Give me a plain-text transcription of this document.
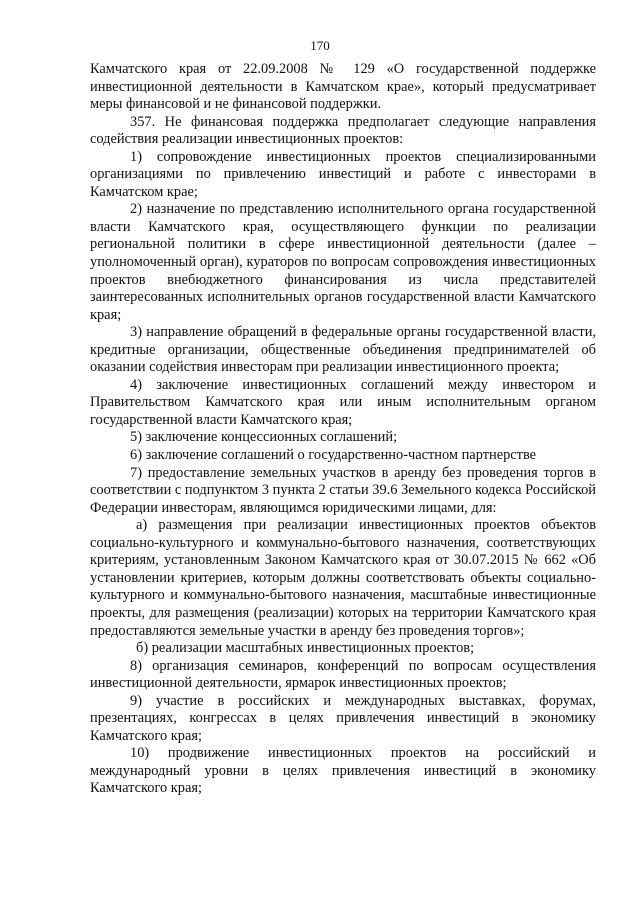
170

Камчатского края от 22.09.2008 № 129 «О государственной поддержке инвестиционной деятельности в Камчатском крае», который предусматривает меры финансовой и не финансовой поддержки.

357. Не финансовая поддержка предполагает следующие направления содействия реализации инвестиционных проектов:

1) сопровождение инвестиционных проектов специализированными организациями по привлечению инвестиций и работе с инвесторами в Камчатском крае;

2) назначение по представлению исполнительного органа государственной власти Камчатского края, осуществляющего функции по реализации региональной политики в сфере инвестиционной деятельности (далее – уполномоченный орган), кураторов по вопросам сопровождения инвестиционных проектов внебюджетного финансирования из числа представителей заинтересованных исполнительных органов государственной власти Камчатского края;

3) направление обращений в федеральные органы государственной власти, кредитные организации, общественные объединения предпринимателей об оказании содействия инвесторам при реализации инвестиционного проекта;

4) заключение инвестиционных соглашений между инвестором и Правительством Камчатского края или иным исполнительным органом государственной власти Камчатского края;

5) заключение концессионных соглашений;

6) заключение соглашений о государственно-частном партнерстве

7) предоставление земельных участков в аренду без проведения торгов в соответствии с подпунктом 3 пункта 2 статьи 39.6 Земельного кодекса Российской Федерации инвесторам, являющимся юридическими лицами, для:

а) размещения при реализации инвестиционных проектов объектов социально-культурного и коммунально-бытового назначения, соответствующих критериям, установленным Законом Камчатского края от 30.07.2015 № 662 «Об установлении критериев, которым должны соответствовать объекты социально-культурного и коммунально-бытового назначения, масштабные инвестиционные проекты, для размещения (реализации) которых на территории Камчатского края предоставляются земельные участки в аренду без проведения торгов»;

б) реализации масштабных инвестиционных проектов;

8) организация семинаров, конференций по вопросам осуществления инвестиционной деятельности, ярмарок инвестиционных проектов;

9) участие в российских и международных выставках, форумах, презентациях, конгрессах в целях привлечения инвестиций в экономику Камчатского края;

10) продвижение инвестиционных проектов на российский и международный уровни в целях привлечения инвестиций в экономику Камчатского края;
